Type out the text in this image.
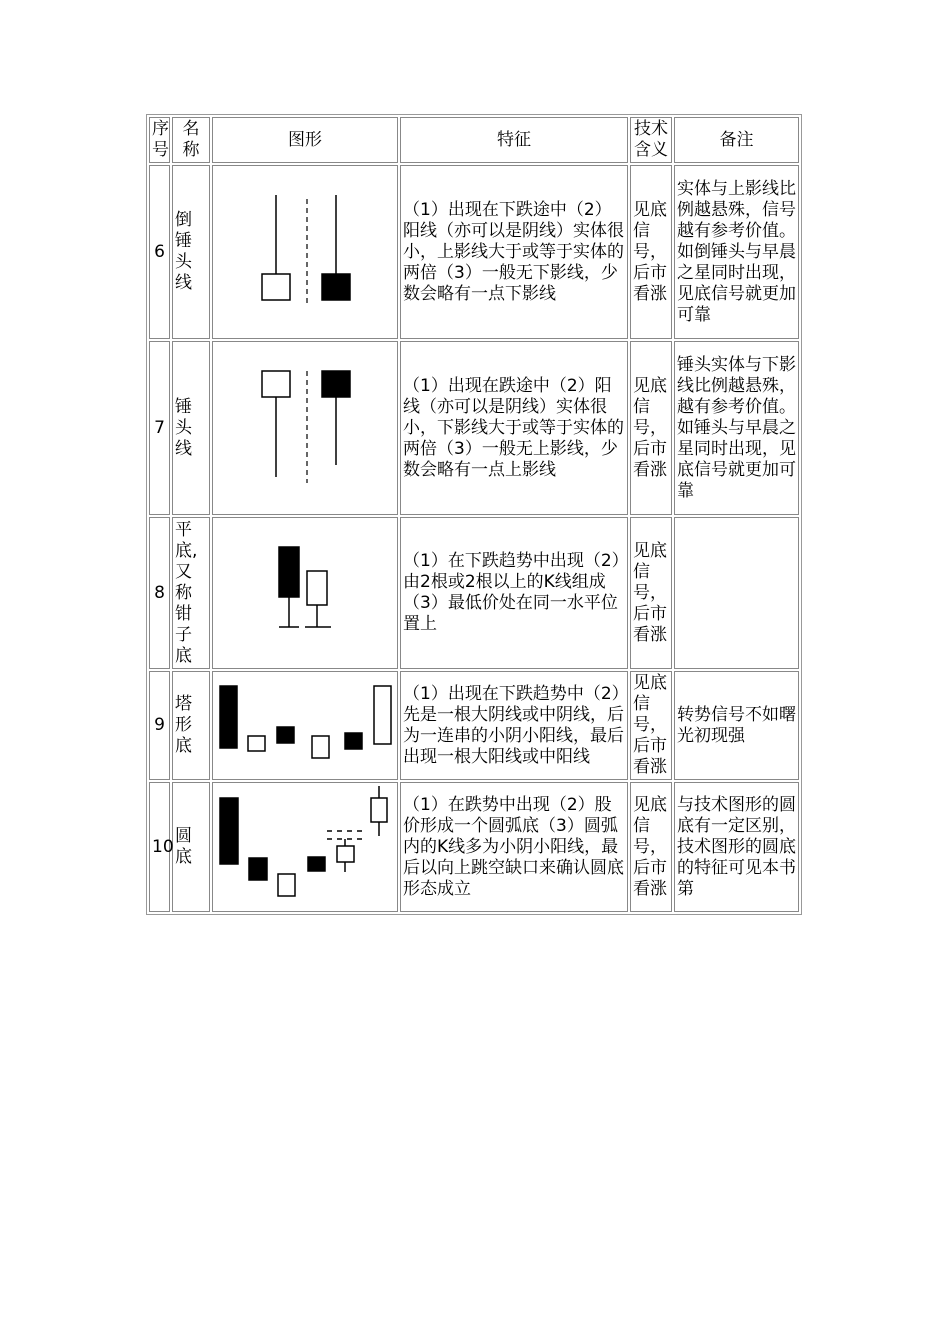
序号	名称	图形	特征	技术含义	备注
6	倒锤头线		（1）出现在下跌途中（2）阳线（亦可以是阴线）实体很小，上影线大于或等于实体的两倍（3）一般无下影线，少数会略有一点下影线	见底信号，后市看涨	实体与上影线比例越悬殊，信号越有参考价值。如倒锤头与早晨之星同时出现，见底信号就更加可靠
7	锤头线		（1）出现在跌途中（2）阳线（亦可以是阴线）实体很小，下影线大于或等于实体的两倍（3）一般无上影线，少数会略有一点上影线	见底信号，后市看涨	锤头实体与下影线比例越悬殊，越有参考价值。如锤头与早晨之星同时出现，见底信号就更加可靠
8	平底,又称钳子底		（1）在下跌趋势中出现（2）由2根或2根以上的K线组成（3）最低价处在同一水平位置上	见底信号，后市看涨	
9	塔形底		（1）出现在下跌趋势中（2）先是一根大阴线或中阴线，后为一连串的小阴小阳线，最后出现一根大阳线或中阳线	见底信号，后市看涨	转势信号不如曙光初现强
10	圆底		（1）在跌势中出现（2）股价形成一个圆弧底（3）圆弧内的K线多为小阴小阳线，最后以向上跳空缺口来确认圆底形态成立	见底信号，后市看涨	与技术图形的圆底有一定区别，技术图形的圆底的特征可见本书第
